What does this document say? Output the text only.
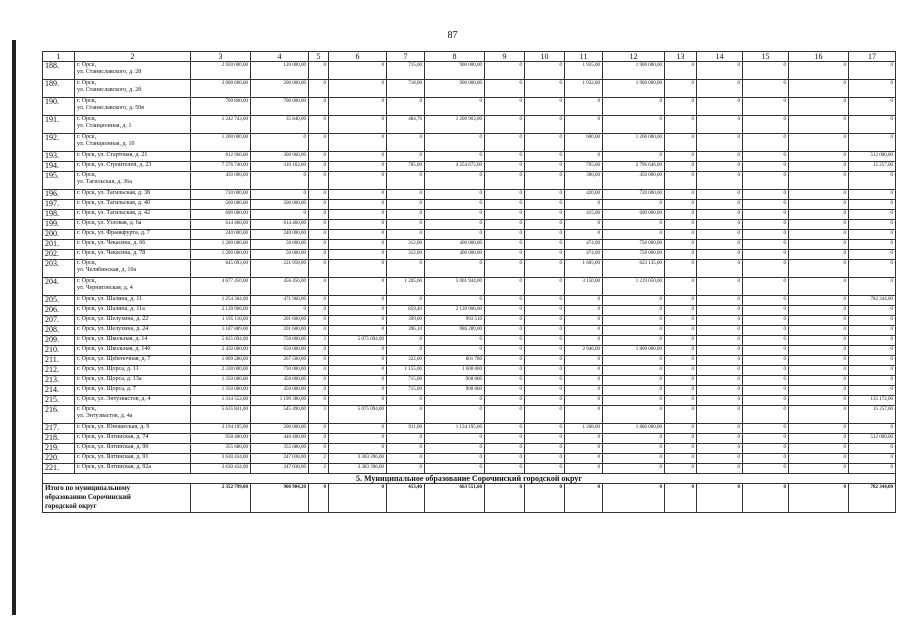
87
1	2	3	4	5	6	7	8	9	10	11	12	13	14	15	16	17
188.	г. Орск,
ул. Станиславского, д. 28	2 920 000,00	120 000,00	0	0	715,00	900 000,00	0	0	1 935,00	1 900 000,00	0	0	0	0	0
189.	г. Орск,
ул. Станиславского, д. 2б	3 000 600,00	200 000,00	0	0	718,00	900 000,00	0	0	1 932,00	1 900 000,00	0	0	0	0	0
190.	г. Орск,
ул. Станиславского, д. 50в	700 800,00	700 000,00	0	0	0	0	0	0	0	0	0	0	0	0	0
191.	г. Орск,
ул. Станционная, д. 1	1 242 743,00	35 840,00	0	0	484,70	1 206 903,00	0	0	0	0	0	0	0	0	0
192.	г. Орск,
ул. Станционная, д. 10	1 200 000,00	0	0	0	0	0	0	0	600,00	1 200 000,00	0	0	0	0	0
193.	г. Орск, ул. Стартовая, д. 21	812 960,00	300 960,00	0	0	0	0	0	0	0	0	0	0	0	0	512 000,00
194.	г. Орск, ул. Строителей, д. 23	7 576 740,00	310 162,00	0	0	705,00	4 254 675,00	0	0	795,60	2 796 646,00	0	0	0	0	15 257,00
195.	г. Орск,
ул. Тагильская, д. 36а	450 000,00	0	0	0	0	0	0	0	300,00	450 000,00	0	0	0	0	0
196.	г. Орск, ул. Тагильская, д. 38	720 000,00	0	0	0	0	0	0	0	420,00	720 000,00	0	0	0	0	0
197.	г. Орск, ул. Тагильская, д. 40	500 000,00	500 000,00	0	0	0	0	0	0	0	0	0	0	0	0	0
198.	г. Орск, ул. Тагильская, д. 42	690 000,00	0	0	0	0	0	0	0	415,00	690 000,00	0	0	0	0	0
199.	г. Орск, ул. Узловая, д. 6а	614 460,00	614 460,00	0	0	0	0	0	0	0	0	0	0	0	0	0
200.	г. Орск, ул. Франкфурта, д. 7	240 000,00	240 000,00	0	0	0	0	0	0	0	0	0	0	0	0	0
201.	г. Орск, ул. Чекасина, д. 66	1 200 000,00	50 000,00	0	0	312,00	400 000,00	0	0	474,00	750 000,00	0	0	0	0	0
202.	г. Орск, ул. Чекасина, д. 78	1 200 000,00	50 000,00	0	0	312,00	400 000,00	0	0	474,00	750 000,00	0	0	0	0	0
203.	г. Орск,
ул. Челябинская, д. 10а	845 093,00	221 958,00	0	0	0	0	0	0	1 605,00	623 135,00	0	0	0	0	0
204.	г. Орск,
ул. Черниговская, д. 4	4 677 450,00	456 456,00	0	0	1 205,60	3 001 944,00	0	0	3 150,00	1 219 050,00	0	0	0	0	0
205.	г. Орск, ул. Шалина, д. 11	1 254 304,00	471 960,00	0	0	0	0	0	0	0	0	0	0	0	0	782 344,00
206.	г. Орск, ул. Шалина, д. 11а	2 139 906,00	0	0	0	859,40	2 139 906,00	0	0	0	0	0	0	0	0	0
207.	г. Орск, ул. Шелухина, д. 22	1 195 110,00	201 600,00	0	0	399,00	993 510	0	0	0	0	0	0	0	0	0
208.	г. Орск, ул. Шелухина, д. 24	1 187 889,00	201 600,00	0	0	396,10	986 289,00	0	0	0	0	0	0	0	0	0
209.	г. Орск, ул. Школьная, д. 14	5 825 094,00	750 000,00	3	5 075 094,00	0	0	0	0	0	0	0	0	0	0	0
210.	г. Орск, ул. Школьная, д. 14б	2 450 000,00	650 000,00	0	0	0	0	0	0	2 946,00	1 800 000,00	0	0	0	0	0
211.	г. Орск, ул. Щебеночная, д. 7	1 069 280,00	267 500,00	0	0	322,00	801 780	0	0	0	0	0	0	0	0	0
212.	г. Орск, ул. Щорса, д. 11	2 330 000,00	730 000,00	0	0	1 155,00	1 600 000	0	0	0	0	0	0	0	0	0
213.	г. Орск, ул. Щорса, д. 13а	1 350 000,00	450 000,00	0	0	715,00	900 000	0	0	0	0	0	0	0	0	0
214.	г. Орск, ул. Щорса, д. 7	1 350 000,00	450 000,00	0	0	715,00	900 000	0	0	0	0	0	0	0	0	0
215.	г. Орск, ул. Энтузиастов, д. 4	1 334 552,00	1 199 380,00	0	0	0	0	0	0	0	0	0	0	0	0	135 172,00
216.	г. Орск,
ул. Энтузиастов, д. 4а	5 635 841,00	545 490,00	3	5 075 094,00	0	0	0	0	0	0	0	0	0	0	15 257,00
217.	г. Орск, ул. Юношеская, д. 9	3 194 195,00	200 000,00	0	0	911,00	1 134 195,00	0	0	1 268,00	1 860 000,00	0	0	0	0	0
218.	г. Орск, ул. Ялтинская, д. 74	958 400,00	446 400,00	0	0	0	0	0	0	0	0	0	0	0	0	512 000,00
219.	г. Орск, ул. Ялтинская, д. 90	355 680,00	355 680,00	0	0	0	0	0	0	0	0	0	0	0	0	0
220.	г. Орск, ул. Ялтинская, д. 91	3 630 434,00	247 038,00	2	3 383 396,00	0	0	0	0	0	0	0	0	0	0	0
221.	г. Орск, ул. Ялтинская, д. 92а	3 630 434,00	247 038,00	2	3 383 396,00	0	0	0	0	0	0	0	0	0	0	0
5. Муниципальное образование Сорочинский городской округ																

Итого по муниципальному
образованию Сорочинский
городской округ		2 352 799,80	906 904,20	0	0	413,40	663 551,60	0	0	0	0	0	0	0	0	782 344,00
